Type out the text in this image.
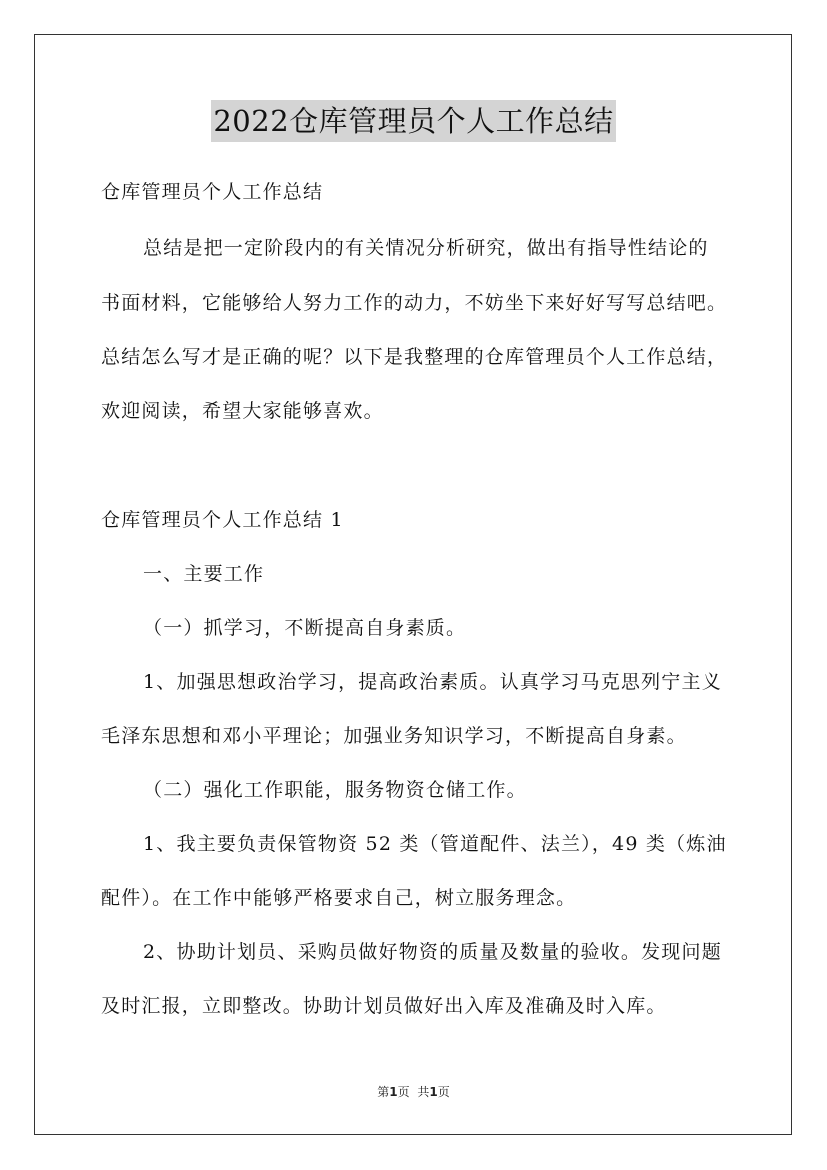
2022仓库管理员个人工作总结
仓库管理员个人工作总结
总结是把一定阶段内的有关情况分析研究，做出有指导性结论的
书面材料，它能够给人努力工作的动力，不妨坐下来好好写写总结吧。
总结怎么写才是正确的呢？以下是我整理的仓库管理员个人工作总结，
欢迎阅读，希望大家能够喜欢。
仓库管理员个人工作总结 1
一、主要工作
（一）抓学习，不断提高自身素质。
1、加强思想政治学习，提高政治素质。认真学习马克思列宁主义
毛泽东思想和邓小平理论；加强业务知识学习，不断提高自身素。
（二）强化工作职能，服务物资仓储工作。
1、我主要负责保管物资 52 类（管道配件、法兰），49 类（炼油
配件）。在工作中能够严格要求自己，树立服务理念。
2、协助计划员、采购员做好物资的质量及数量的验收。发现问题
及时汇报，立即整改。协助计划员做好出入库及准确及时入库。
第1页 共1页
